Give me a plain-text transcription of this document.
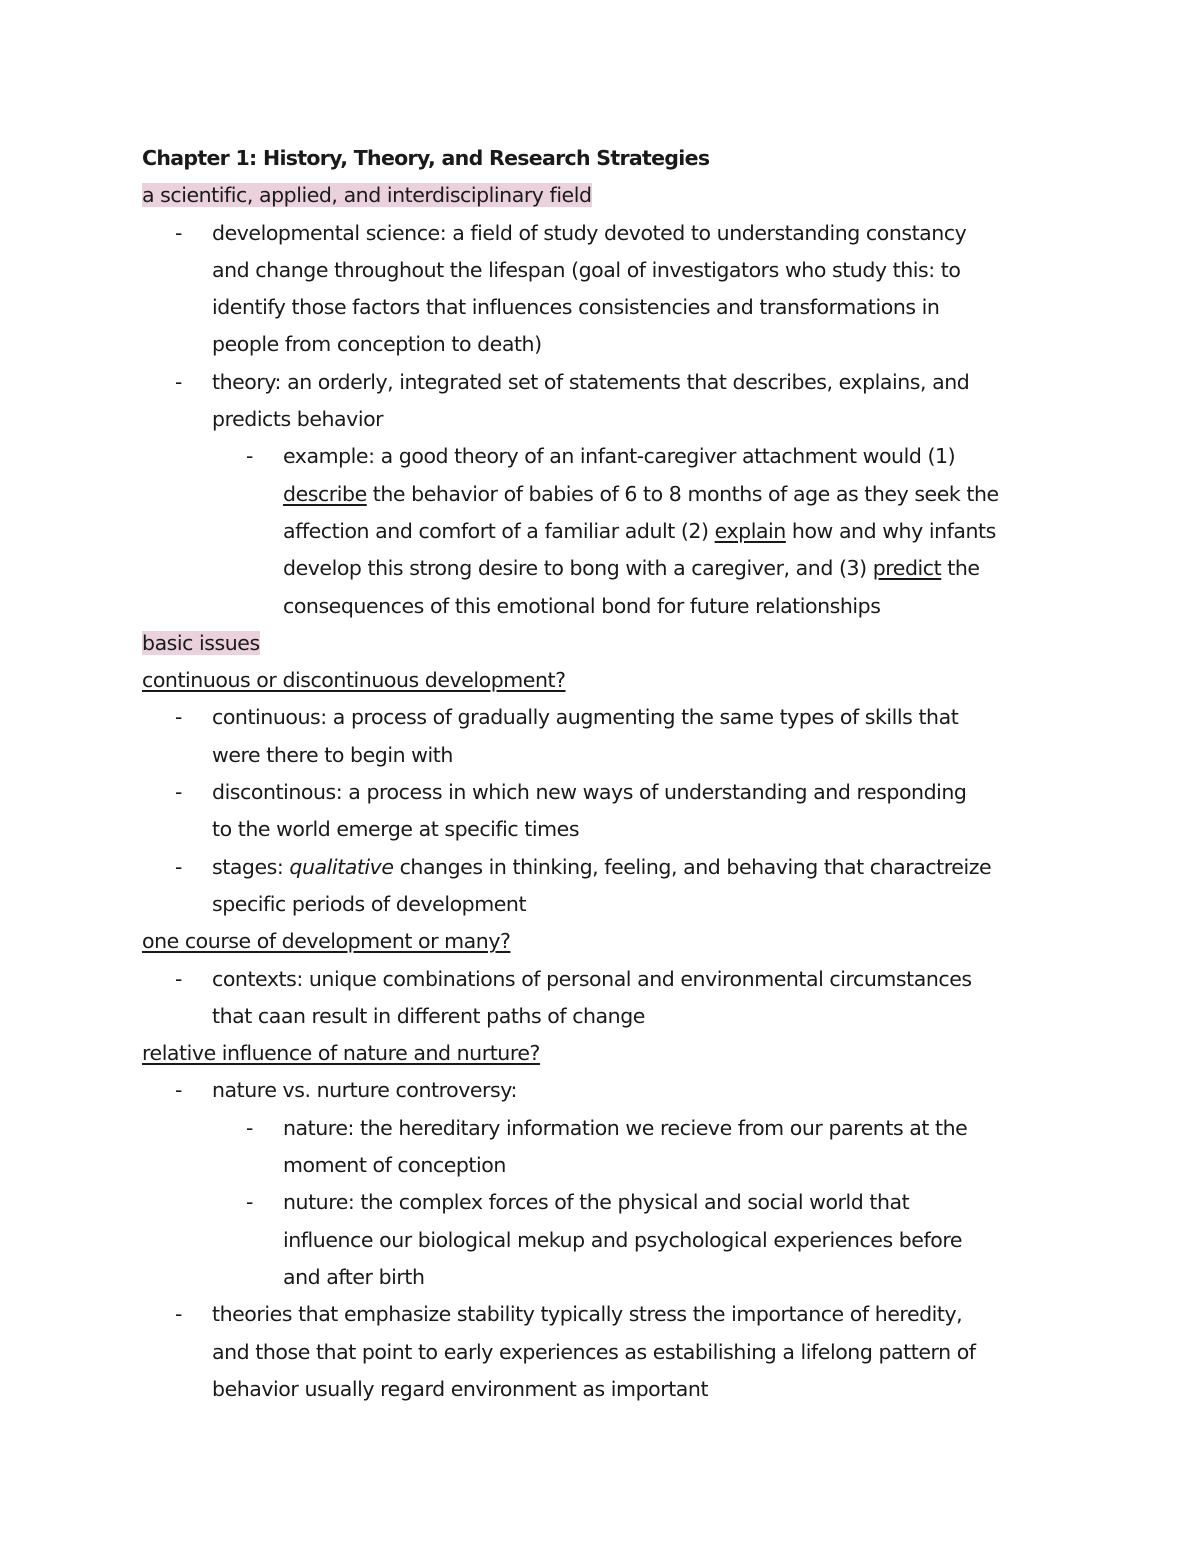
Chapter 1: History, Theory, and Research Strategies
a scientific, applied, and interdisciplinary field
- developmental science: a field of study devoted to understanding constancy
and change throughout the lifespan (goal of investigators who study this: to
identify those factors that influences consistencies and transformations in
people from conception to death)
- theory: an orderly, integrated set of statements that describes, explains, and
predicts behavior
- example: a good theory of an infant-caregiver attachment would (1)
describe the behavior of babies of 6 to 8 months of age as they seek the
affection and comfort of a familiar adult (2) explain how and why infants
develop this strong desire to bong with a caregiver, and (3) predict the
consequences of this emotional bond for future relationships
basic issues
continuous or discontinuous development?
- continuous: a process of gradually augmenting the same types of skills that
were there to begin with
- discontinous: a process in which new ways of understanding and responding
to the world emerge at specific times
- stages: qualitative changes in thinking, feeling, and behaving that charactreize
specific periods of development
one course of development or many?
- contexts: unique combinations of personal and environmental circumstances
that caan result in different paths of change
relative influence of nature and nurture?
- nature vs. nurture controversy:
- nature: the hereditary information we recieve from our parents at the
moment of conception
- nuture: the complex forces of the physical and social world that
influence our biological mekup and psychological experiences before
and after birth
- theories that emphasize stability typically stress the importance of heredity,
and those that point to early experiences as estabilishing a lifelong pattern of
behavior usually regard environment as important
